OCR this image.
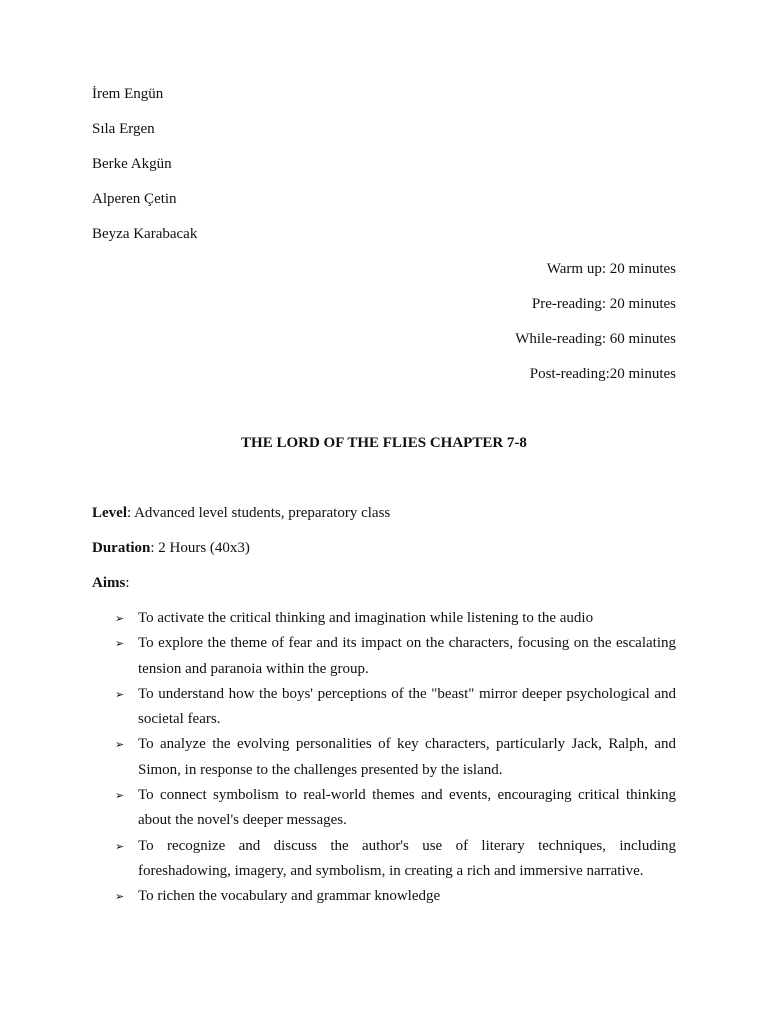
İrem Engün
Sıla Ergen
Berke Akgün
Alperen Çetin
Beyza Karabacak
Warm up: 20 minutes
Pre-reading: 20 minutes
While-reading: 60 minutes
Post-reading:20 minutes
THE LORD OF THE FLIES CHAPTER 7-8
Level: Advanced level students, preparatory class
Duration: 2 Hours (40x3)
Aims:
➢ To activate the critical thinking and imagination while listening to the audio
➢ To explore the theme of fear and its impact on the characters, focusing on the escalating tension and paranoia within the group.
➢ To understand how the boys' perceptions of the "beast" mirror deeper psychological and societal fears.
➢ To analyze the evolving personalities of key characters, particularly Jack, Ralph, and Simon, in response to the challenges presented by the island.
➢ To connect symbolism to real-world themes and events, encouraging critical thinking about the novel's deeper messages.
➢ To recognize and discuss the author's use of literary techniques, including foreshadowing, imagery, and symbolism, in creating a rich and immersive narrative.
➢ To richen the vocabulary and grammar knowledge
